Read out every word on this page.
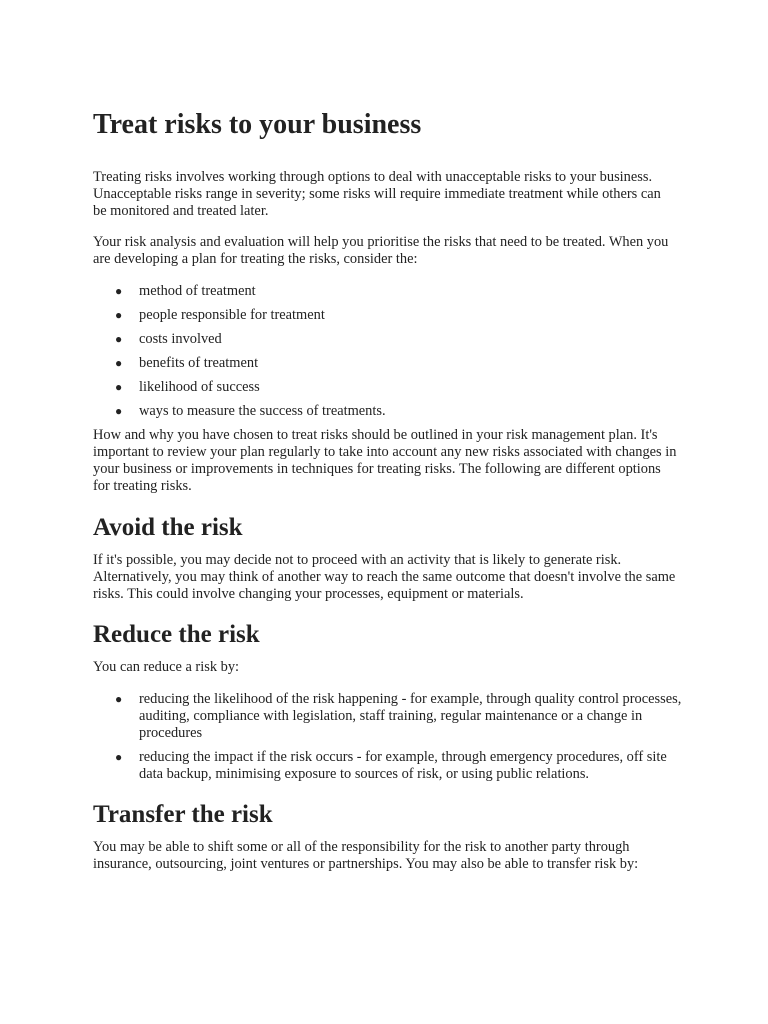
Treat risks to your business

Treating risks involves working through options to deal with unacceptable risks to your business. Unacceptable risks range in severity; some risks will require immediate treatment while others can be monitored and treated later.

Your risk analysis and evaluation will help you prioritise the risks that need to be treated. When you are developing a plan for treating the risks, consider the:

● method of treatment
● people responsible for treatment
● costs involved
● benefits of treatment
● likelihood of success
● ways to measure the success of treatments.

How and why you have chosen to treat risks should be outlined in your risk management plan. It's important to review your plan regularly to take into account any new risks associated with changes in your business or improvements in techniques for treating risks. The following are different options for treating risks.

Avoid the risk

If it's possible, you may decide not to proceed with an activity that is likely to generate risk. Alternatively, you may think of another way to reach the same outcome that doesn't involve the same risks. This could involve changing your processes, equipment or materials.

Reduce the risk

You can reduce a risk by:

● reducing the likelihood of the risk happening - for example, through quality control processes, auditing, compliance with legislation, staff training, regular maintenance or a change in procedures
● reducing the impact if the risk occurs - for example, through emergency procedures, off site data backup, minimising exposure to sources of risk, or using public relations.
Transfer the risk

You may be able to shift some or all of the responsibility for the risk to another party through insurance, outsourcing, joint ventures or partnerships. You may also be able to transfer risk by:
